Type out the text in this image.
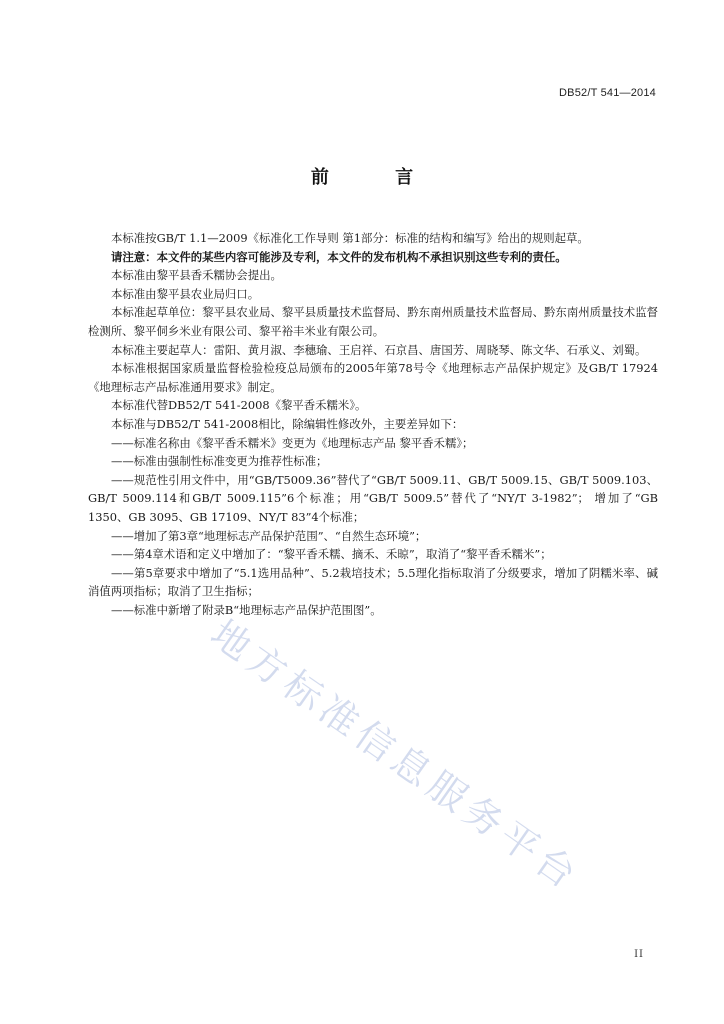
DB52/T 541—2014
前 言

本标准按GB/T 1.1—2009《标准化工作导则 第1部分：标准的结构和编写》给出的规则起草。

请注意：本文件的某些内容可能涉及专利，本文件的发布机构不承担识别这些专利的责任。

本标准由黎平县香禾糯协会提出。

本标准由黎平县农业局归口。

本标准起草单位：黎平县农业局、黎平县质量技术监督局、黔东南州质量技术监督局、黔东南州质量技术监督检测所、黎平侗乡米业有限公司、黎平裕丰米业有限公司。

本标准主要起草人：雷阳、黄月淑、李穗瑜、王启祥、石京昌、唐国芳、周晓琴、陈文华、石承义、刘蜀。

本标准根据国家质量监督检验检疫总局颁布的2005年第78号令《地理标志产品保护规定》及GB/T 17924《地理标志产品标准通用要求》制定。

本标准代替DB52/T 541-2008《黎平香禾糯米》。

本标准与DB52/T 541-2008相比，除编辑性修改外，主要差异如下：

——标准名称由《黎平香禾糯米》变更为《地理标志产品 黎平香禾糯》；

——标准由强制性标准变更为推荐性标准；

——规范性引用文件中，用“GB/T5009.36”替代了“GB/T 5009.11、GB/T 5009.15、GB/T 5009.103、GB/T 5009.114和GB/T 5009.115”6个标准；用“GB/T 5009.5”替代了“NY/T 3-1982”； 增加了“GB 1350、GB 3095、GB 17109、NY/T 83”4个标准；

——增加了第3章“地理标志产品保护范围”、“自然生态环境”；

——第4章术语和定义中增加了：“黎平香禾糯、摘禾、禾晾”，取消了“黎平香禾糯米”；

——第5章要求中增加了“5.1选用品种”、5.2栽培技术；5.5理化指标取消了分级要求，增加了阴糯米率、碱消值两项指标；取消了卫生指标；

——标准中新增了附录B“地理标志产品保护范围图”。

地方标准信息服务平台
II
